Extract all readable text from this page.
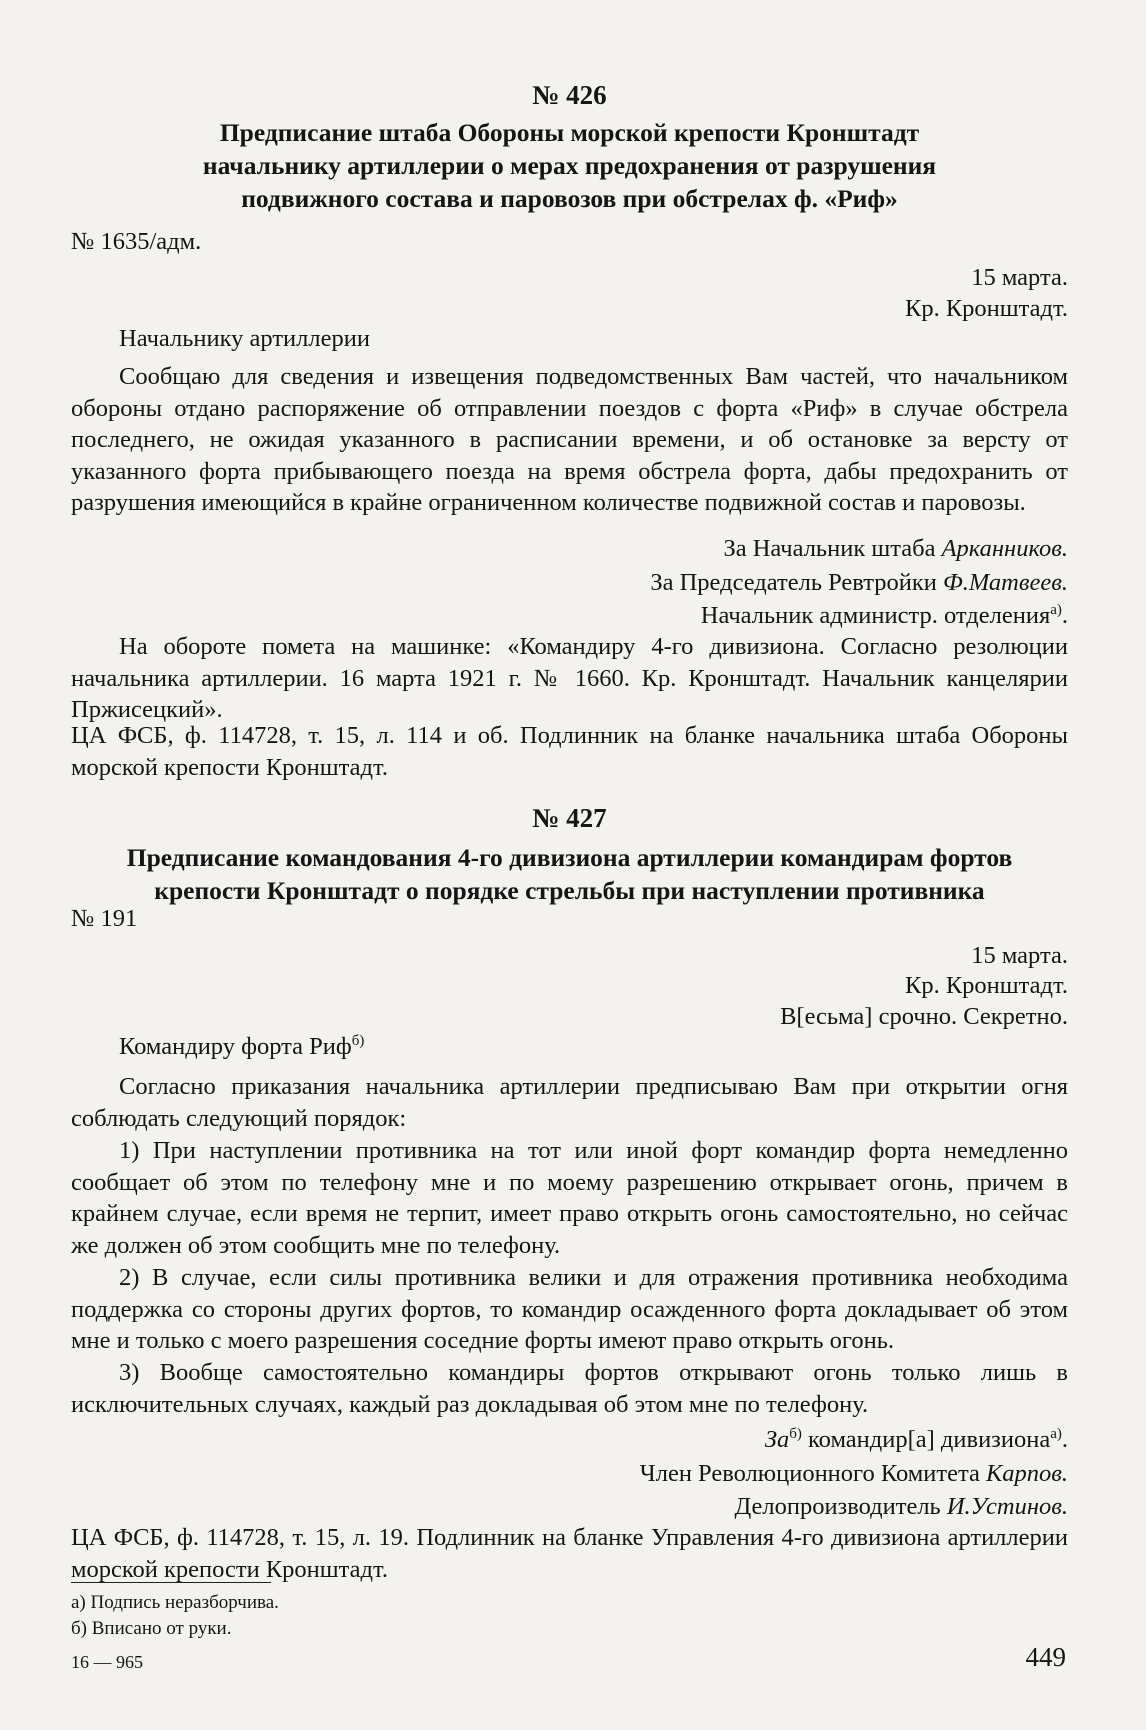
№ 426
Предписание штаба Обороны морской крепости Кронштадт
начальнику артиллерии о мерах предохранения от разрушения
подвижного состава и паровозов при обстрелах ф. «Риф»
№ 1635/адм.
15 марта.
Кр. Кронштадт.
Начальнику артиллерии
Сообщаю для сведения и извещения подведомственных Вам частей, что начальником обороны отдано распоряжение об отправлении поездов с форта «Риф» в случае обстрела последнего, не ожидая указанного в расписании времени, и об остановке за версту от указанного форта прибывающего поезда на время обстрела форта, дабы предохранить от разрушения имеющийся в крайне ограниченном количестве подвижной состав и паровозы.
За Начальник штаба Арканников.
За Председатель Ревтройки Ф.Матвеев.
Начальник администр. отделения$^{а)}$.
На обороте помета на машинке: «Командиру 4-го дивизиона. Согласно резолюции начальника артиллерии. 16 марта 1921 г. № 1660. Кр. Кронштадт. Начальник канцелярии Пржисецкий».
ЦА ФСБ, ф. 114728, т. 15, л. 114 и об. Подлинник на бланке начальника штаба Обороны морской крепости Кронштадт.
№ 427
Предписание командования 4-го дивизиона артиллерии командирам фортов
крепости Кронштадт о порядке стрельбы при наступлении противника
№ 191
15 марта.
Кр. Кронштадт.
В[есьма] срочно. Секретно.
Командиру форта Риф$^{б)}$
Согласно приказания начальника артиллерии предписываю Вам при открытии огня соблюдать следующий порядок:
1) При наступлении противника на тот или иной форт командир форта немедленно сообщает об этом по телефону мне и по моему разрешению открывает огонь, причем в крайнем случае, если время не терпит, имеет право открыть огонь самостоятельно, но сейчас же должен об этом сообщить мне по телефону.
2) В случае, если силы противника велики и для отражения противника необходима поддержка со стороны других фортов, то командир осажденного форта докладывает об этом мне и только с моего разрешения соседние форты имеют право открыть огонь.
3) Вообще самостоятельно командиры фортов открывают огонь только лишь в исключительных случаях, каждый раз докладывая об этом мне по телефону.
$За^{б)}$ командир[а] дивизиона$^{а)}$.
Член Революционного Комитета Карпов.
Делопроизводитель И.Устинов.
ЦА ФСБ, ф. 114728, т. 15, л. 19. Подлинник на бланке Управления 4-го дивизиона артиллерии морской крепости Кронштадт.
а) Подпись неразборчива.
б) Вписано от руки.
16 — 965	449
